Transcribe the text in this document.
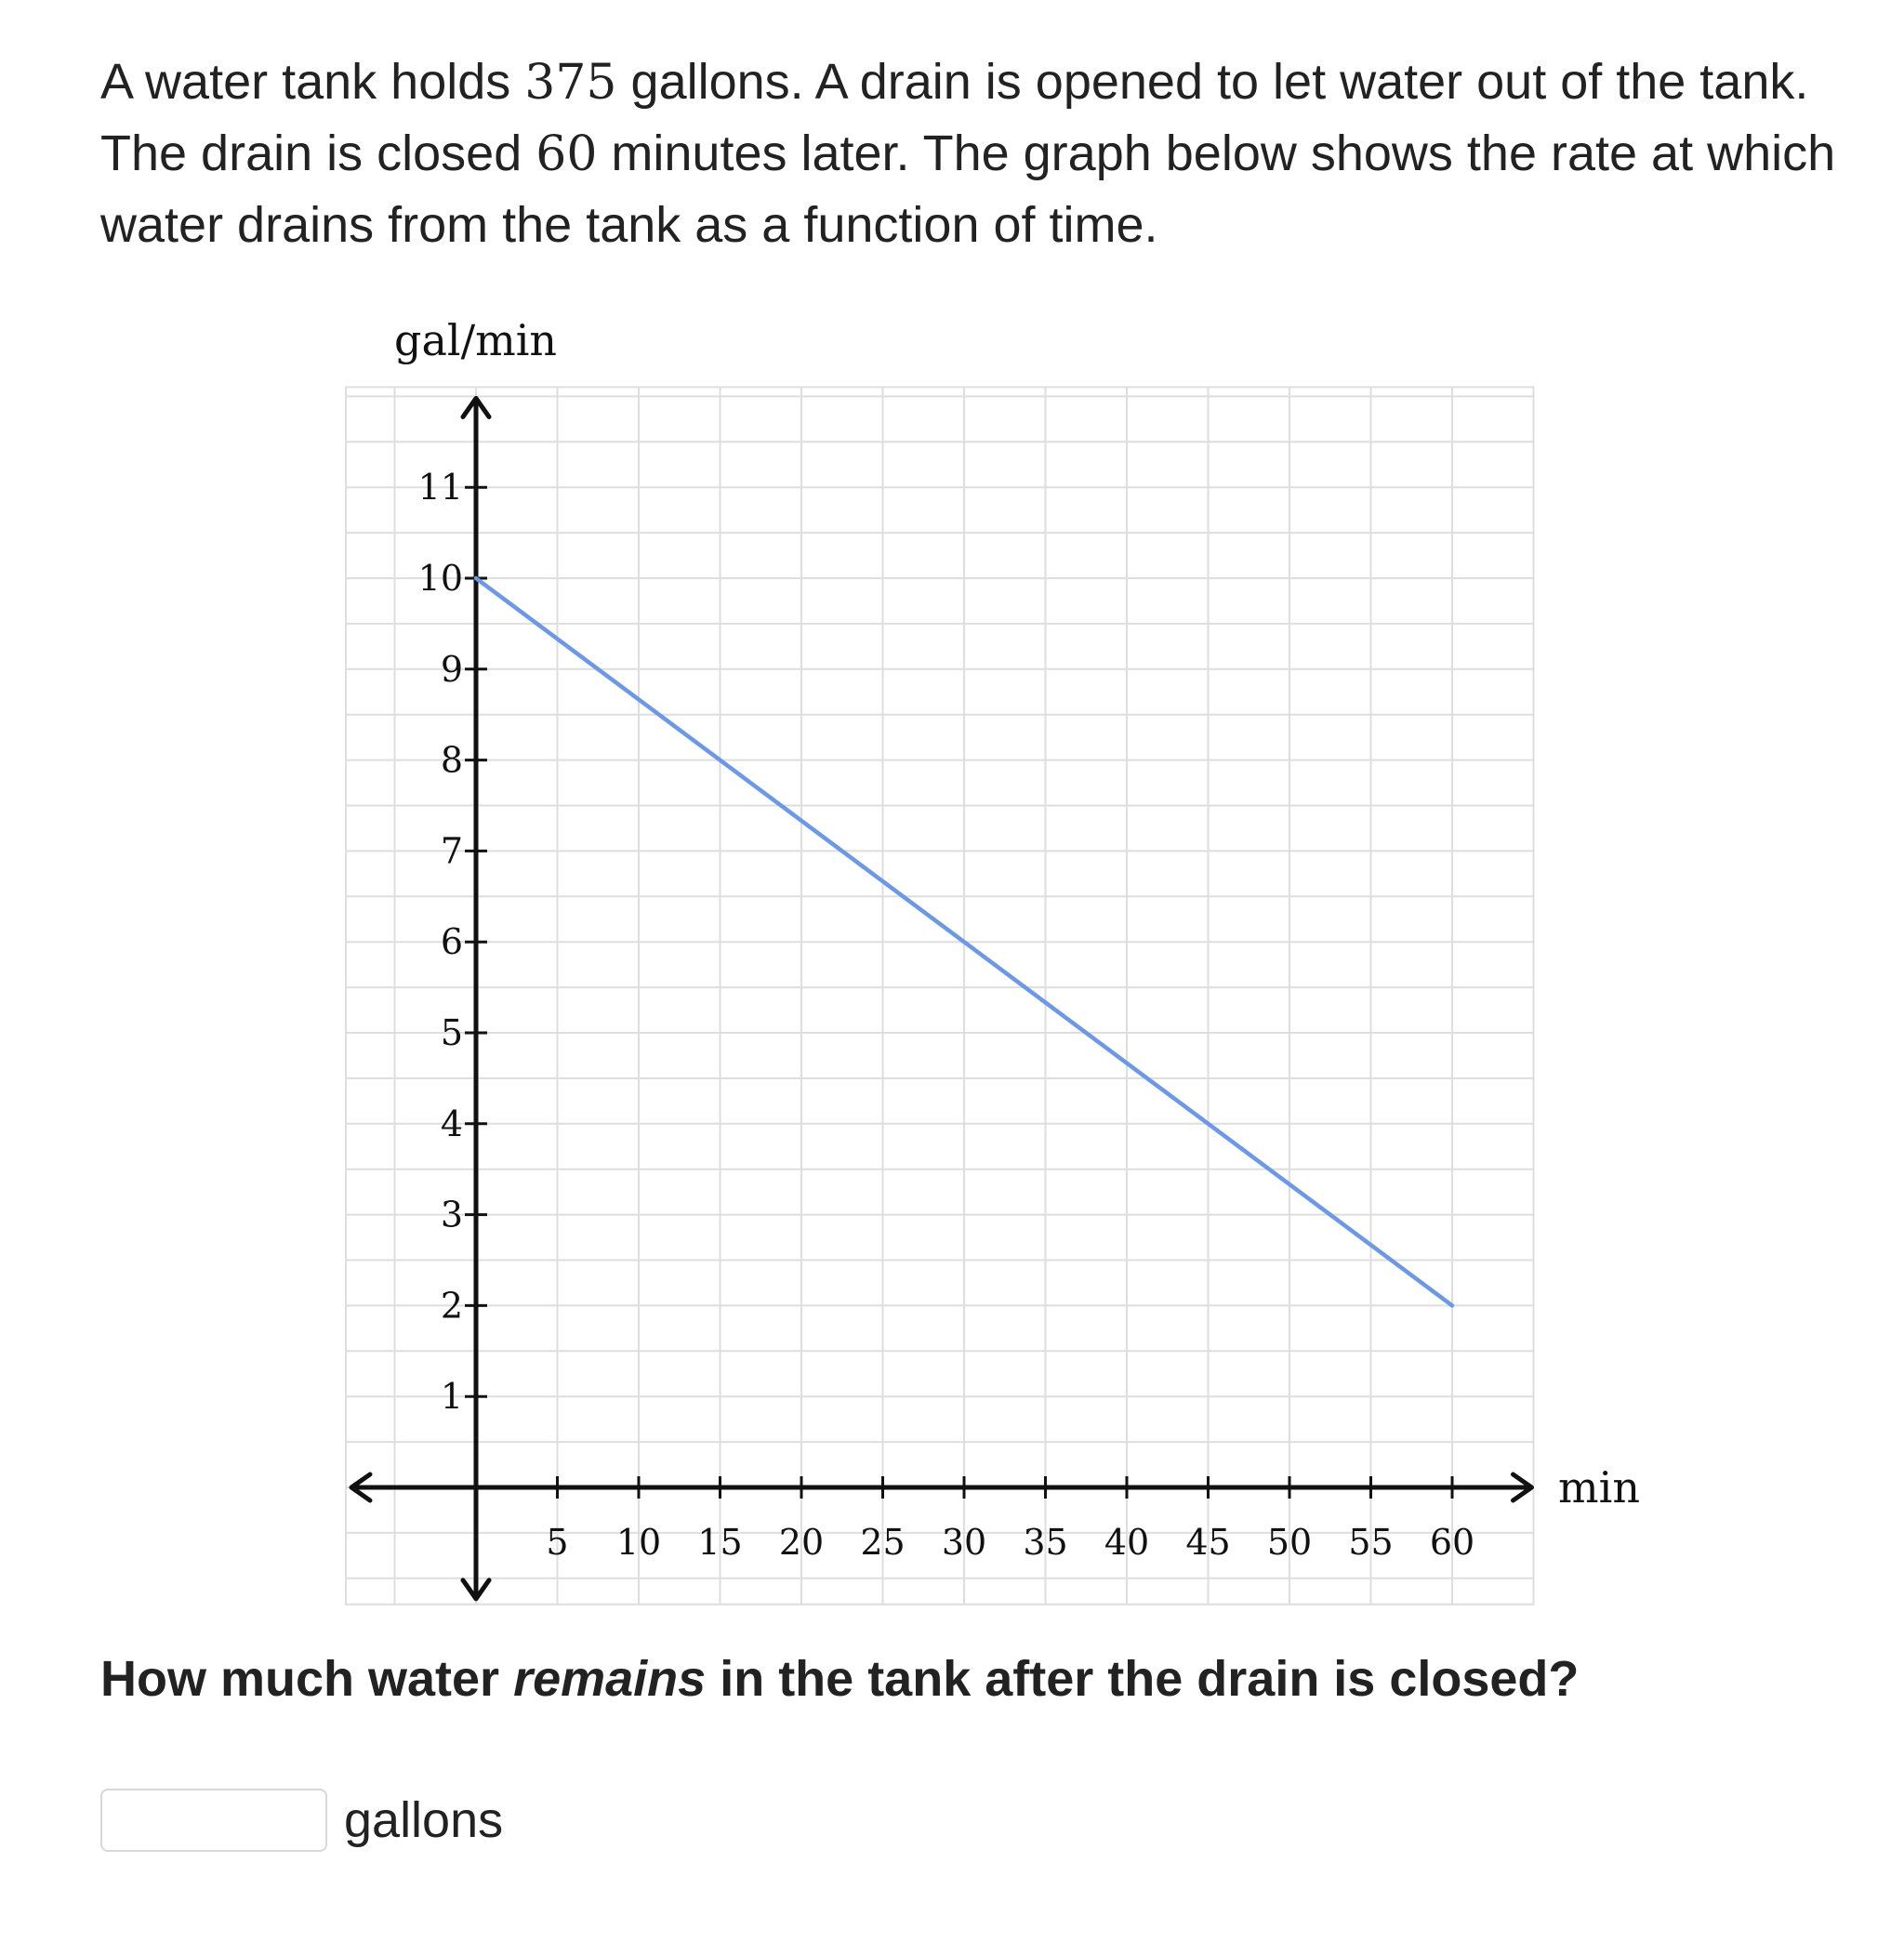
A water tank holds 375 gallons. A drain is opened to let water out of the tank. The drain is closed 60 minutes later. The graph below shows the rate at which water drains from the tank as a function of time.
5 10 15 20 25 30 35 40 45 50 55 60
1
2
3
4
5
6
7
8
9
10
11
gal/min
min
How much water remains in the tank after the drain is closed?
gallons
